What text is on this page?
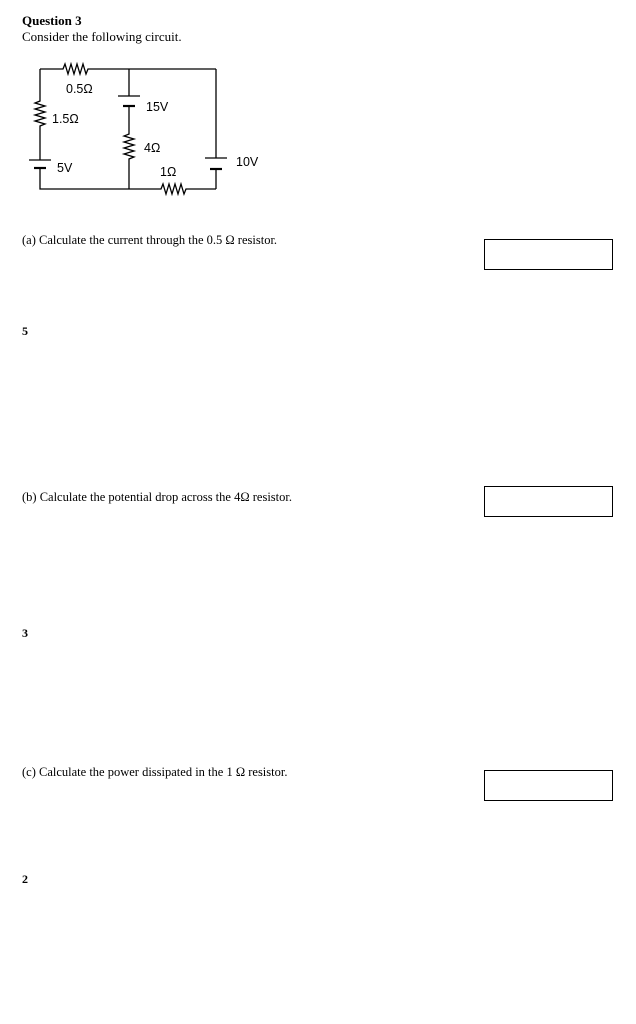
Question 3
Consider the following circuit.
0.5Ω
1.5Ω
15V
4Ω
5V	1Ω
10V
(a) Calculate the current through the 0.5 Ω resistor.
5
(b) Calculate the potential drop across the 4Ω resistor.
3
(c) Calculate the power dissipated in the 1 Ω resistor.
2
